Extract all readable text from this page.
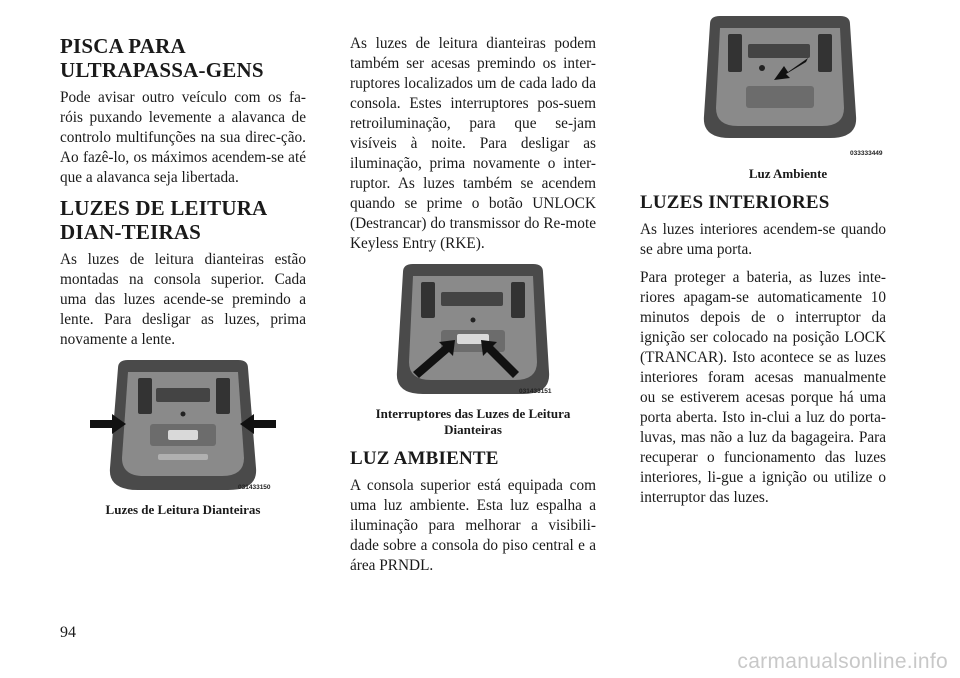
PISCA PARA ULTRAPASSA-GENS

Pode avisar outro veículo com os fa-róis puxando levemente a alavanca de controlo multifunções na sua direc-ção. Ao fazê-lo, os máximos acendem-se até que a alavanca seja libertada.

LUZES DE LEITURA DIAN-TEIRAS

As luzes de leitura dianteiras estão montadas na consola superior. Cada uma das luzes acende-se premindo a lente. Para desligar as luzes, prima novamente a lente.

031433150
Luzes de Leitura Dianteiras

As luzes de leitura dianteiras podem também ser acesas premindo os inter-ruptores localizados um de cada lado da consola. Estes interruptores pos-suem retroiluminação, para que se-jam visíveis à noite. Para desligar as iluminação, prima novamente o inter-ruptor. As luzes também se acendem quando se prime o botão UNLOCK (Destrancar) do transmissor do Re-mote Keyless Entry (RKE).

031433151
Interruptores das Luzes de Leitura Dianteiras
LUZ AMBIENTE

A consola superior está equipada com uma luz ambiente. Esta luz espalha a iluminação para melhorar a visibili-dade sobre a consola do piso central e a área PRNDL.

033333449
Luz Ambiente
LUZES INTERIORES

As luzes interiores acendem-se quando se abre uma porta.

Para proteger a bateria, as luzes inte-riores apagam-se automaticamente 10 minutos depois de o interruptor da ignição ser colocado na posição LOCK (TRANCAR). Isto acontece se as luzes interiores foram acesas manualmente ou se estiverem acesas porque há uma porta aberta. Isto in-clui a luz do porta-luvas, mas não a luz da bagageira. Para recuperar o funcionamento das luzes interiores, li-gue a ignição ou utilize o interruptor das luzes.

94
carmanualsonline.info
